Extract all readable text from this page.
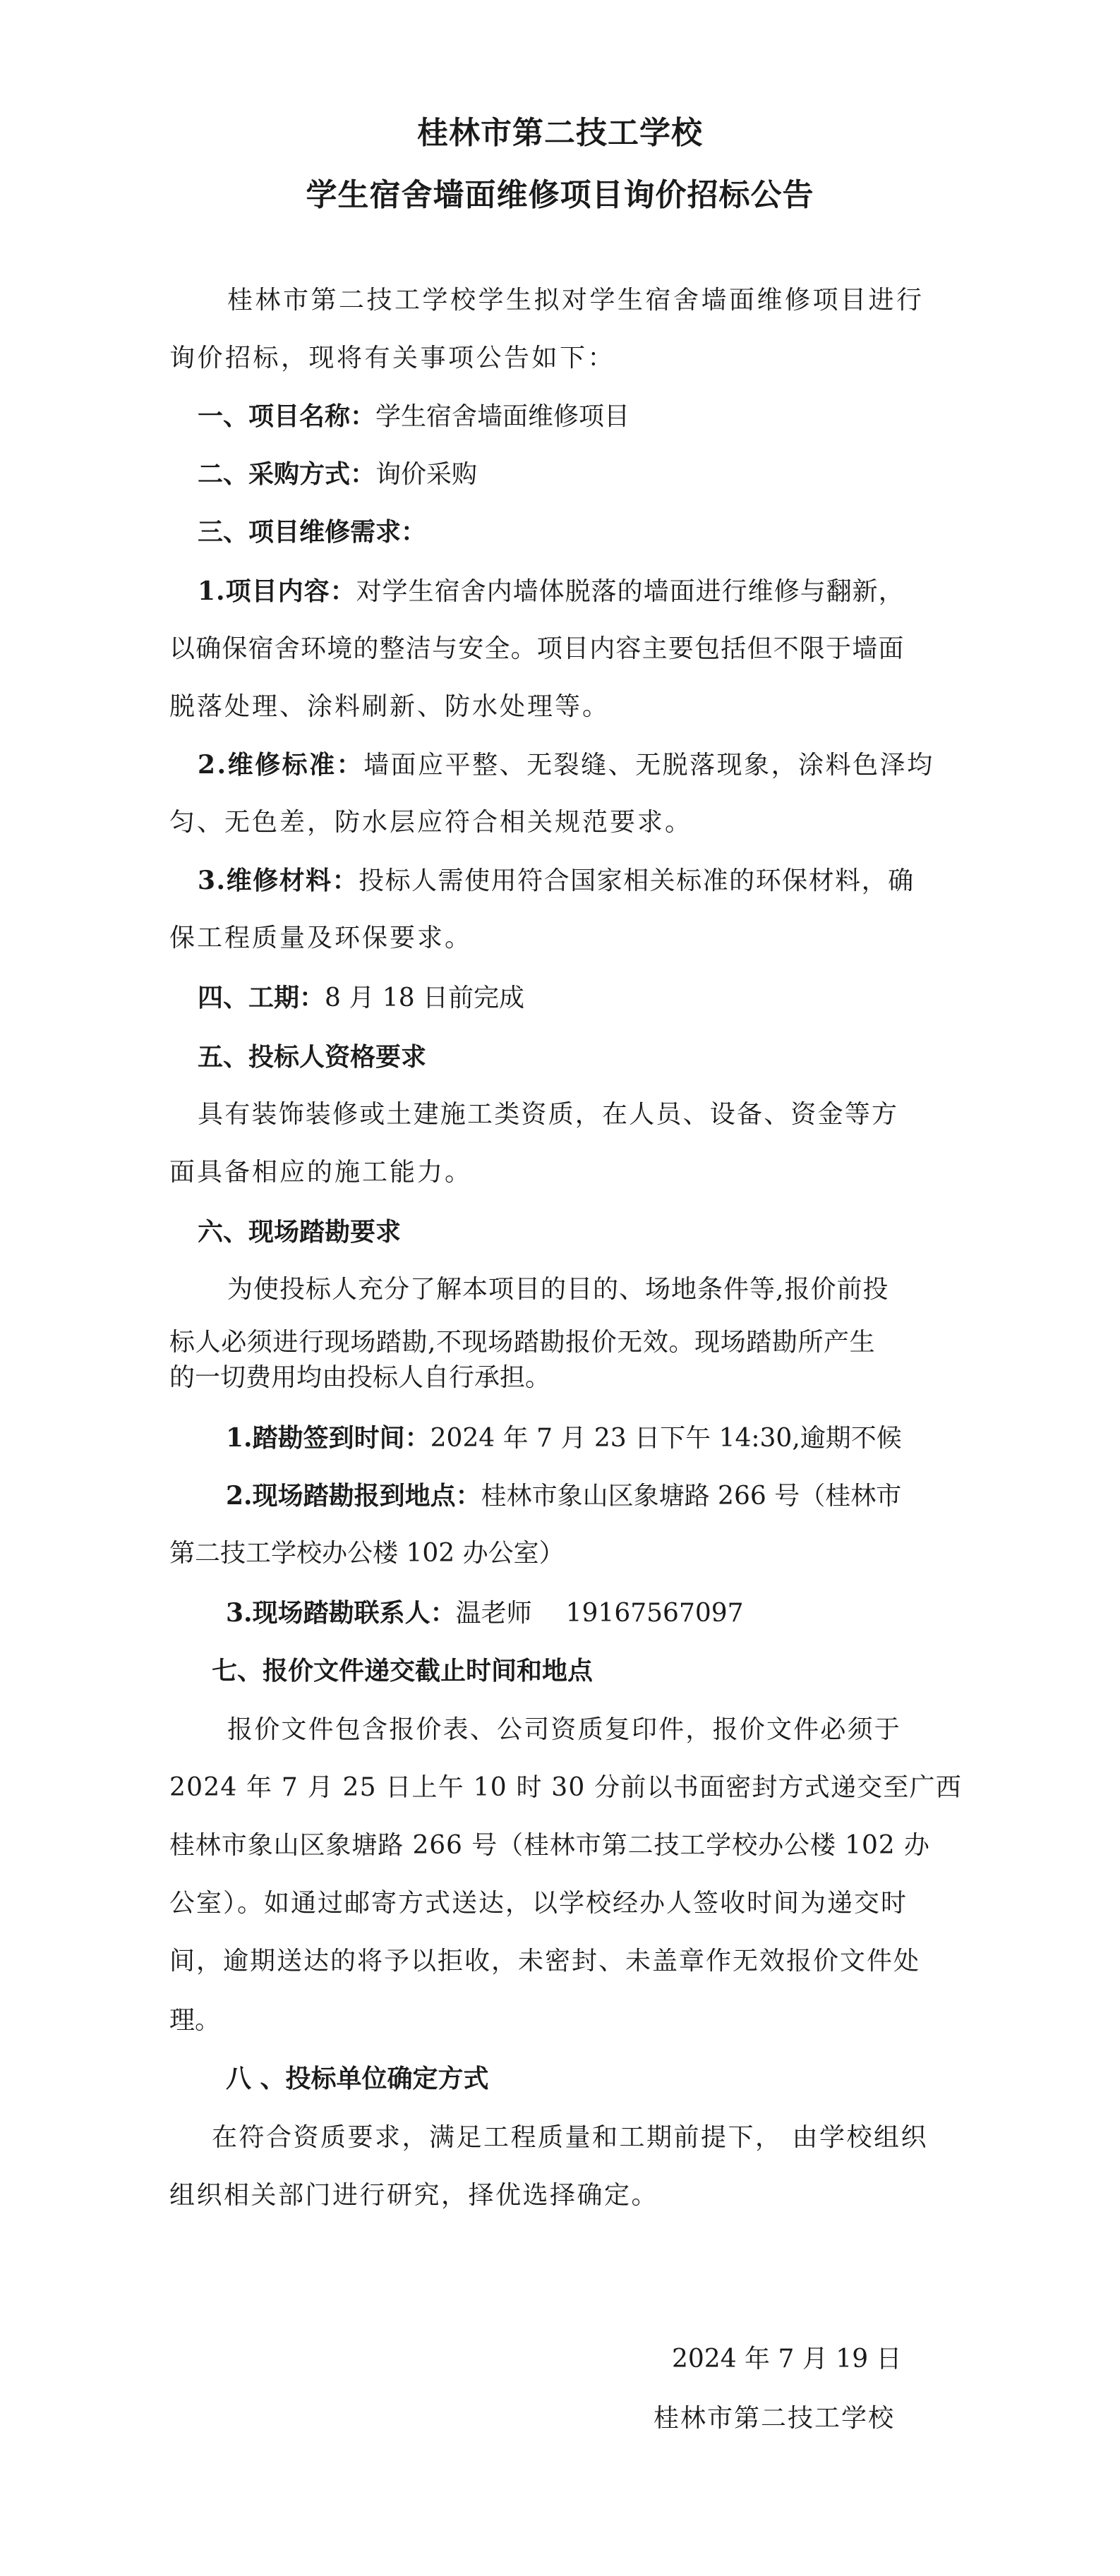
桂林市第二技工学校
学生宿舍墙面维修项目询价招标公告
桂林市第二技工学校学生拟对学生宿舍墙面维修项目进行
询价招标，现将有关事项公告如下：
一、项目名称：学生宿舍墙面维修项目
二、采购方式：询价采购
三、项目维修需求：
1.项目内容：对学生宿舍内墙体脱落的墙面进行维修与翻新，
以确保宿舍环境的整洁与安全。项目内容主要包括但不限于墙面
脱落处理、涂料刷新、防水处理等。
2.维修标准：墙面应平整、无裂缝、无脱落现象，涂料色泽均
匀、无色差，防水层应符合相关规范要求。
3.维修材料：投标人需使用符合国家相关标准的环保材料，确
保工程质量及环保要求。
四、工期：8 月 18 日前完成
五、投标人资格要求
具有装饰装修或土建施工类资质，在人员、设备、资金等方
面具备相应的施工能力。
六、现场踏勘要求
为使投标人充分了解本项目的目的、场地条件等,报价前投
标人必须进行现场踏勘,不现场踏勘报价无效。现场踏勘所产生
的一切费用均由投标人自行承担。
1.踏勘签到时间：2024 年 7 月 23 日下午 14:30,逾期不候
2.现场踏勘报到地点：桂林市象山区象塘路 266 号（桂林市
第二技工学校办公楼 102 办公室）
3.现场踏勘联系人：温老师 19167567097
七、报价文件递交截止时间和地点
报价文件包含报价表、公司资质复印件，报价文件必须于
2024 年 7 月 25 日上午 10 时 30 分前以书面密封方式递交至广西
桂林市象山区象塘路 266 号（桂林市第二技工学校办公楼 102 办
公室）。如通过邮寄方式送达，以学校经办人签收时间为递交时
间，逾期送达的将予以拒收，未密封、未盖章作无效报价文件处
理。
八 、投标单位确定方式
在符合资质要求，满足工程质量和工期前提下， 由学校组织
组织相关部门进行研究，择优选择确定。
2024 年 7 月 19 日
桂林市第二技工学校
